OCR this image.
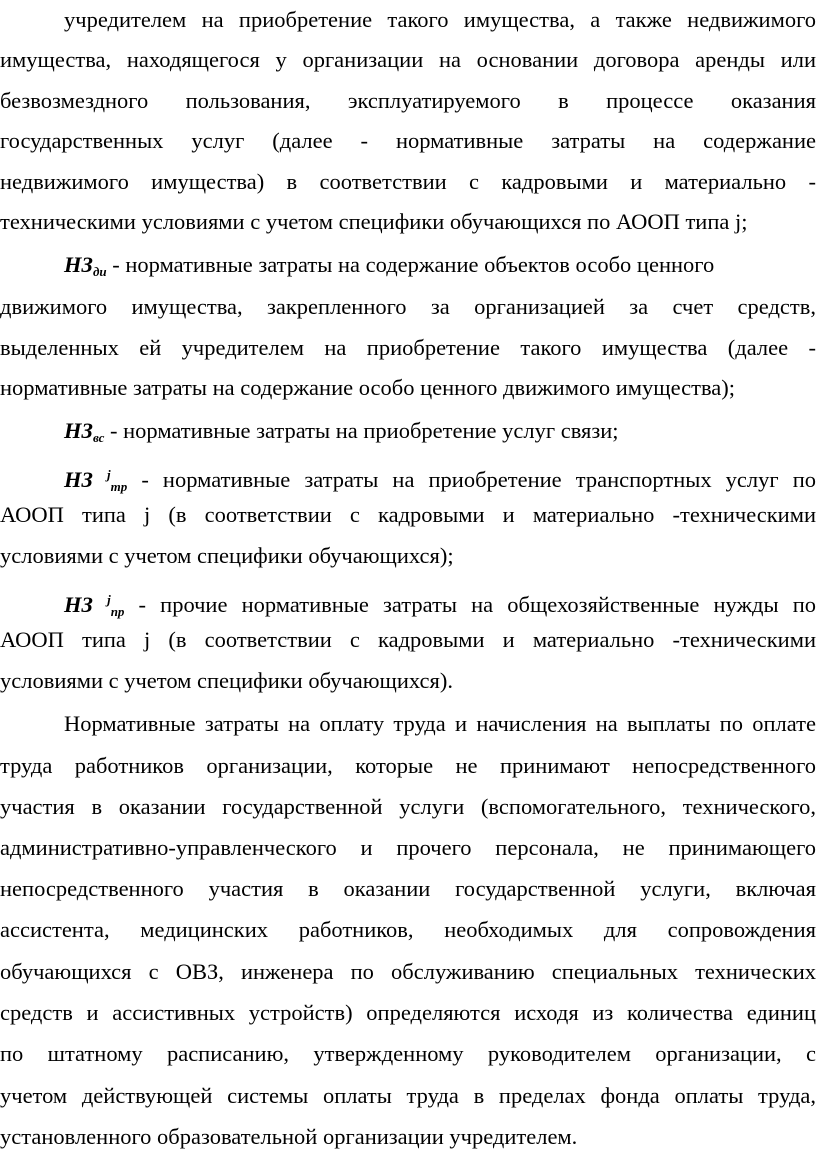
учредителем на приобретение такого имущества, а также недвижимого
имущества, находящегося у организации на основании договора аренды или
безвозмездного пользования, эксплуатируемого в процессе оказания
государственных услуг (далее - нормативные затраты на содержание
недвижимого имущества) в соответствии с кадровыми и материально -
техническими условиями с учетом специфики обучающихся по АООП типа j;
$НЗ_{ди}$ - нормативные затраты на содержание объектов особо ценного
движимого имущества, закрепленного за организацией за счет средств,
выделенных ей учредителем на приобретение такого имущества (далее -
нормативные затраты на содержание особо ценного движимого имущества);
$НЗ_{вс}$ - нормативные затраты на приобретение услуг связи;
НЗ $^j_{тр}$ - нормативные затраты на приобретение транспортных услуг по
АООП типа j (в соответствии с кадровыми и материально -техническими
условиями с учетом специфики обучающихся);
НЗ $^j_{пр}$ - прочие нормативные затраты на общехозяйственные нужды по
АООП типа j (в соответствии с кадровыми и материально -техническими
условиями с учетом специфики обучающихся).
Нормативные затраты на оплату труда и начисления на выплаты по оплате
труда работников организации, которые не принимают непосредственного
участия в оказании государственной услуги (вспомогательного, технического,
административно-управленческого и прочего персонала, не принимающего
непосредственного участия в оказании государственной услуги, включая
ассистента, медицинских работников, необходимых для сопровождения
обучающихся с ОВЗ, инженера по обслуживанию специальных технических
средств и ассистивных устройств) определяются исходя из количества единиц
по штатному расписанию, утвержденному руководителем организации, с
учетом действующей системы оплаты труда в пределах фонда оплаты труда,
установленного образовательной организации учредителем.
